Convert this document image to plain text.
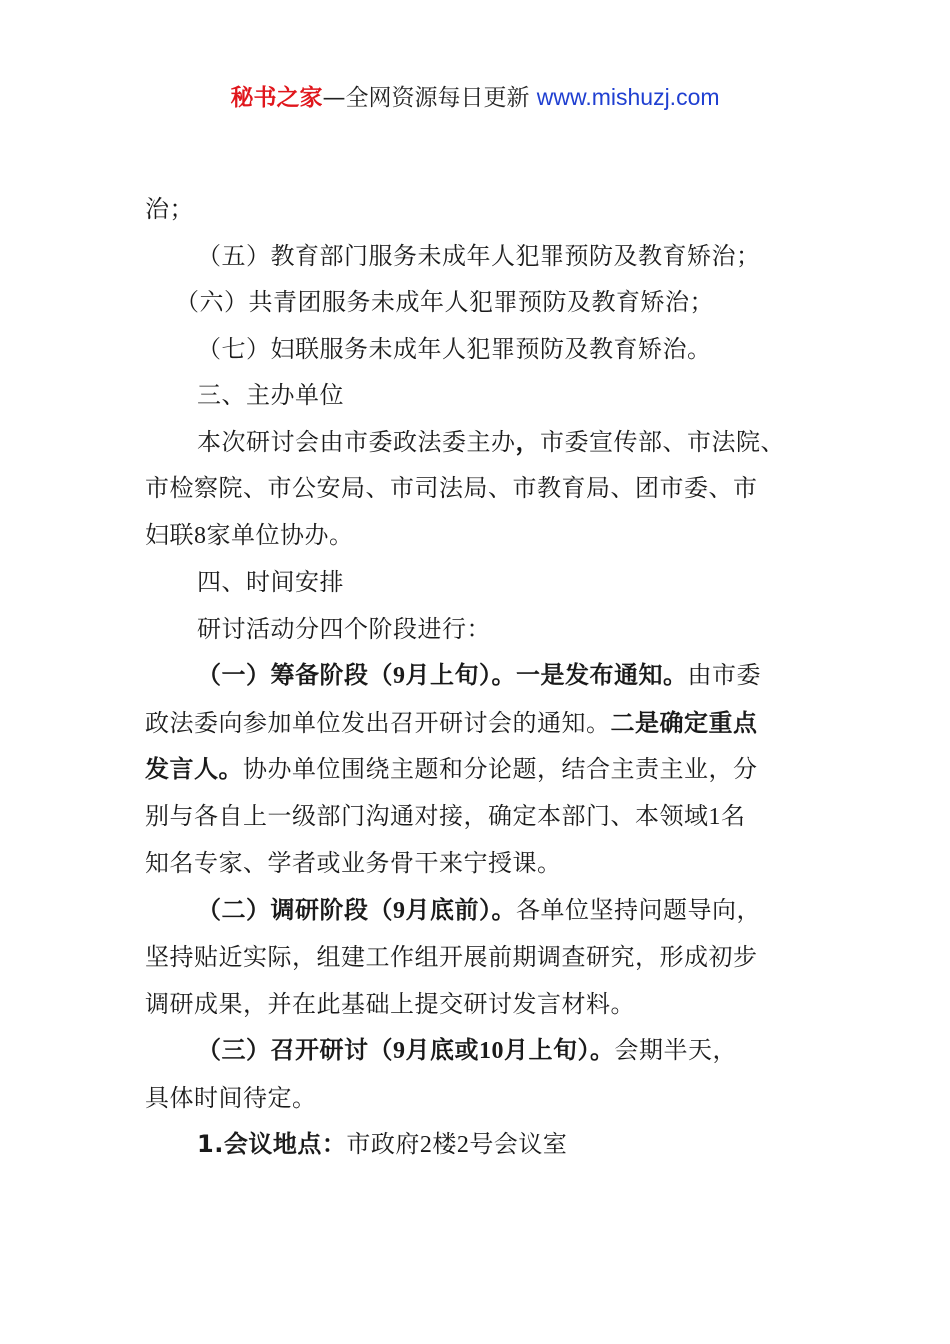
秘书之家—全网资源每日更新 www.mishuzj.com

治；

（五）教育部门服务未成年人犯罪预防及教育矫治；

（六）共青团服务未成年人犯罪预防及教育矫治；

（七）妇联服务未成年人犯罪预防及教育矫治。

三、主办单位

本次研讨会由市委政法委主办，市委宣传部、市法院、

市检察院、市公安局、市司法局、市教育局、团市委、市

妇联8家单位协办。

四、时间安排

研讨活动分四个阶段进行：

（一）筹备阶段（9月上旬）。一是发布通知。由市委

政法委向参加单位发出召开研讨会的通知。二是确定重点

发言人。协办单位围绕主题和分论题，结合主责主业，分

别与各自上一级部门沟通对接，确定本部门、本领域1名

知名专家、学者或业务骨干来宁授课。

（二）调研阶段（9月底前）。各单位坚持问题导向，

坚持贴近实际，组建工作组开展前期调查研究，形成初步

调研成果，并在此基础上提交研讨发言材料。

（三）召开研讨（9月底或10月上旬）。会期半天，

具体时间待定。

1.会议地点：市政府2楼2号会议室
